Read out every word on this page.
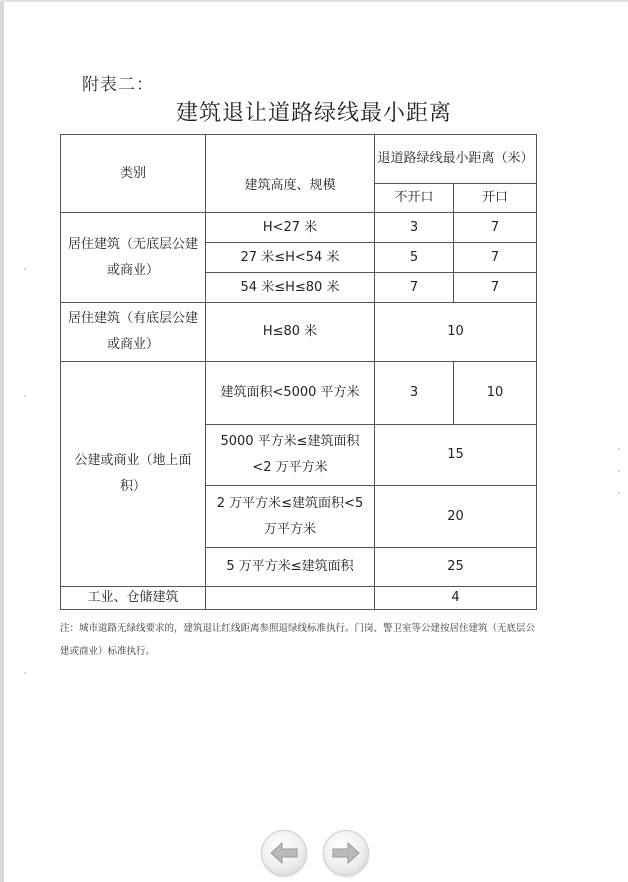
附表二：
建筑退让道路绿线最小距离
类别	建筑高度、规模	退道路绿线最小距离（米）	
		不开口	开口
居住建筑（无底层公建或商业）	H<27 米	3	7
	27 米≤H<54 米	5	7
	54 米≤H≤80 米	7	7
居住建筑（有底层公建或商业）	H≤80 米	10	
公建或商业（地上面积）	建筑面积<5000 平方米	3	10
	5000 平方米≤建筑面积<2 万平方米	15	
	2 万平方米≤建筑面积<5 万平方米	20	
	5 万平方米≤建筑面积	25	
工业、仓储建筑		4	
注：城市道路无绿线要求的，建筑退让红线距离参照退绿线标准执行。门岗、警卫室等公建按居住建筑（无底层公建或商业）标准执行。
